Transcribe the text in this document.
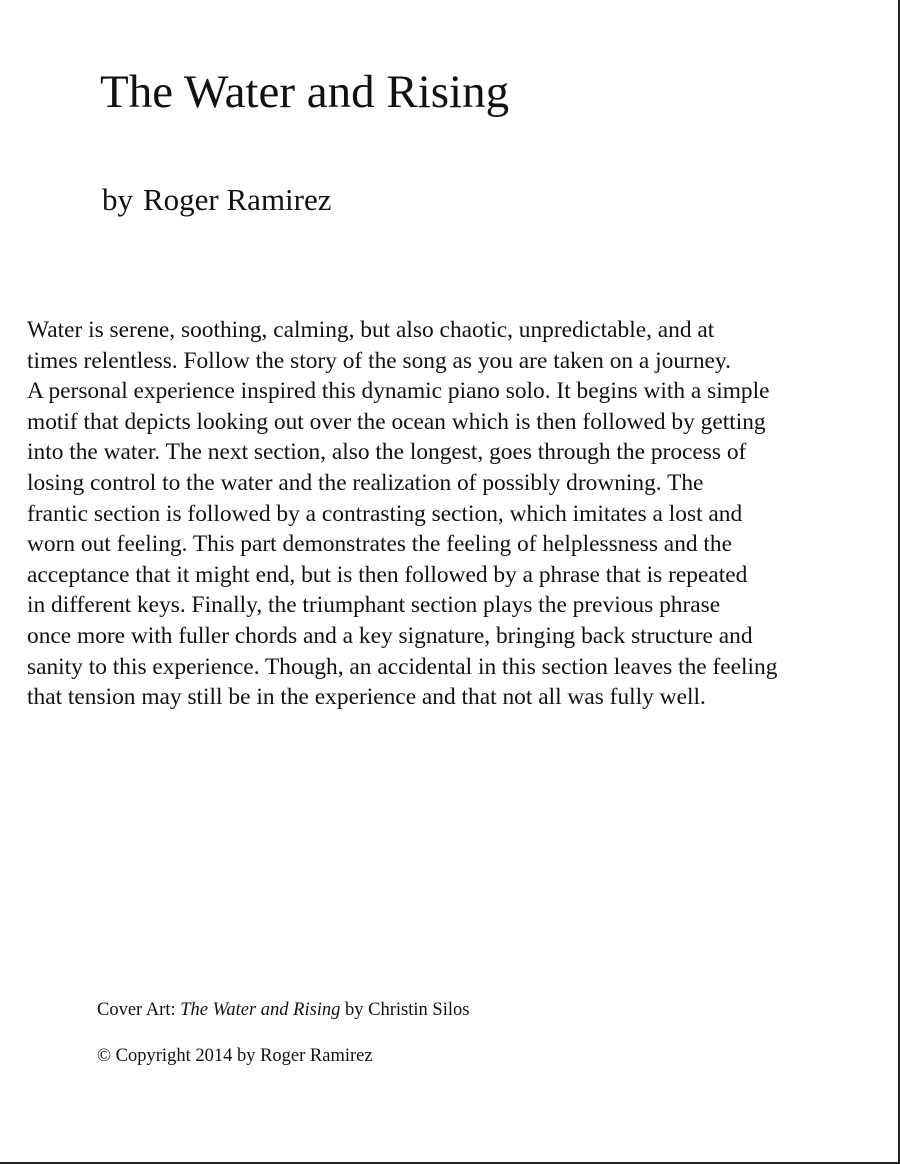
The Water and Rising

by Roger Ramirez

Water is serene, soothing, calming, but also chaotic, unpredictable, and at
times relentless. Follow the story of the song as you are taken on a journey.
A personal experience inspired this dynamic piano solo. It begins with a simple
motif that depicts looking out over the ocean which is then followed by getting
into the water. The next section, also the longest, goes through the process of
losing control to the water and the realization of possibly drowning. The
frantic section is followed by a contrasting section, which imitates a lost and
worn out feeling. This part demonstrates the feeling of helplessness and the
acceptance that it might end, but is then followed by a phrase that is repeated
in different keys. Finally, the triumphant section plays the previous phrase
once more with fuller chords and a key signature, bringing back structure and
sanity to this experience. Though, an accidental in this section leaves the feeling
that tension may still be in the experience and that not all was fully well.

Cover Art: The Water and Rising by Christin Silos

© Copyright 2014 by Roger Ramirez
